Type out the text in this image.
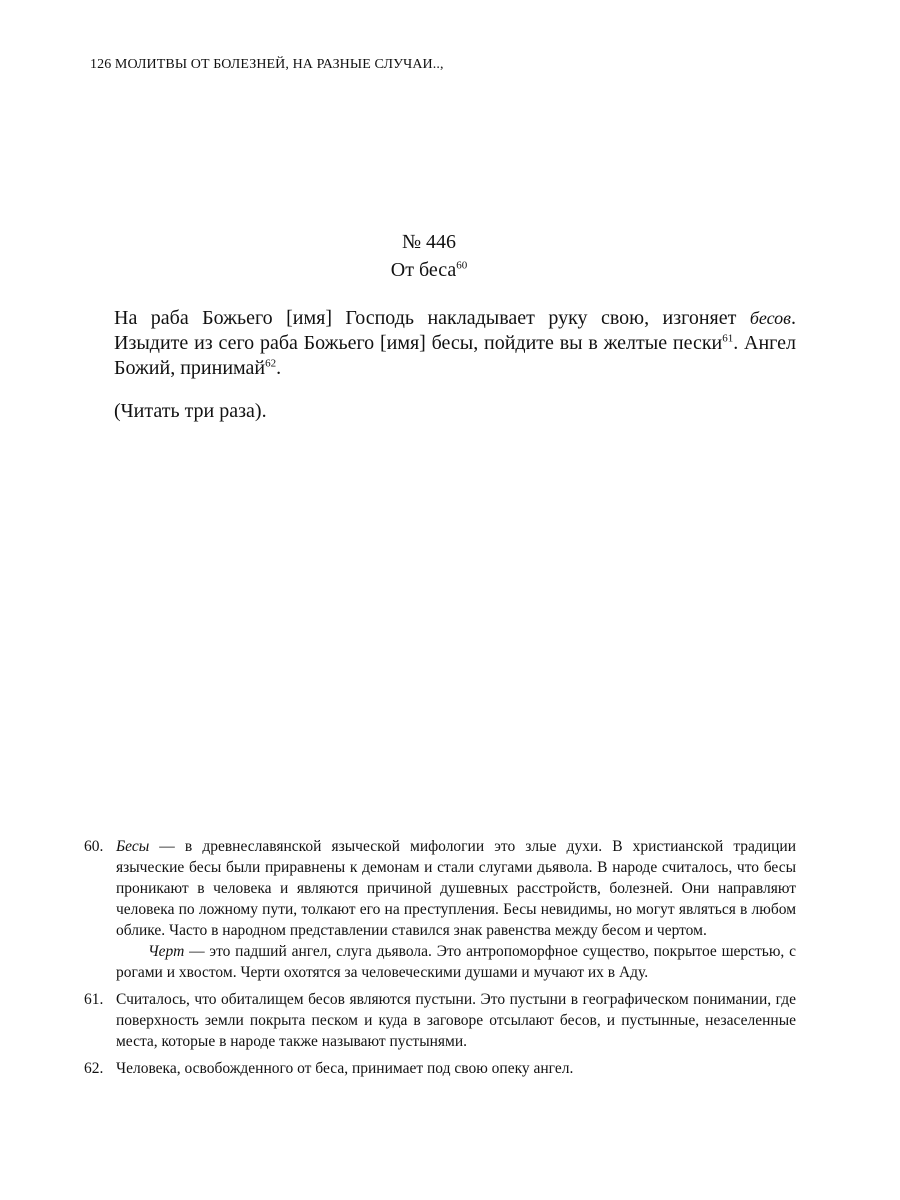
126 МОЛИТВЫ ОТ БОЛЕЗНЕЙ, НА РАЗНЫЕ СЛУЧАИ..,
№ 446
От беса$^{60}$
На раба Божьего [имя] Господь накладывает руку свою, изгоняет бесов. Изыдите из сего раба Божьего [имя] бесы, пойдите вы в желтые пески$^{61}$. Ангел Божий, принимай$^{62}$.
(Читать три раза).
60. Бесы — в древнеславянской языческой мифологии это злые духи. В христианской традиции языческие бесы были приравнены к демонам и стали слугами дьявола. В народе считалось, что бесы проникают в человека и являются причиной душевных расстройств, болезней. Они направляют человека по ложному пути, толкают его на преступления. Бесы невидимы, но могут являться в любом облике. Часто в народном представлении ставился знак равенства между бесом и чертом.

Черт — это падший ангел, слуга дьявола. Это антропоморфное существо, покрытое шерстью, с рогами и хвостом. Черти охотятся за человеческими душами и мучают их в Аду.

61. Считалось, что обиталищем бесов являются пустыни. Это пустыни в географическом понимании, где поверхность земли покрыта песком и куда в заговоре отсылают бесов, и пустынные, незаселенные места, которые в народе также называют пустынями.

62. Человека, освобожденного от беса, принимает под свою опеку ангел.
